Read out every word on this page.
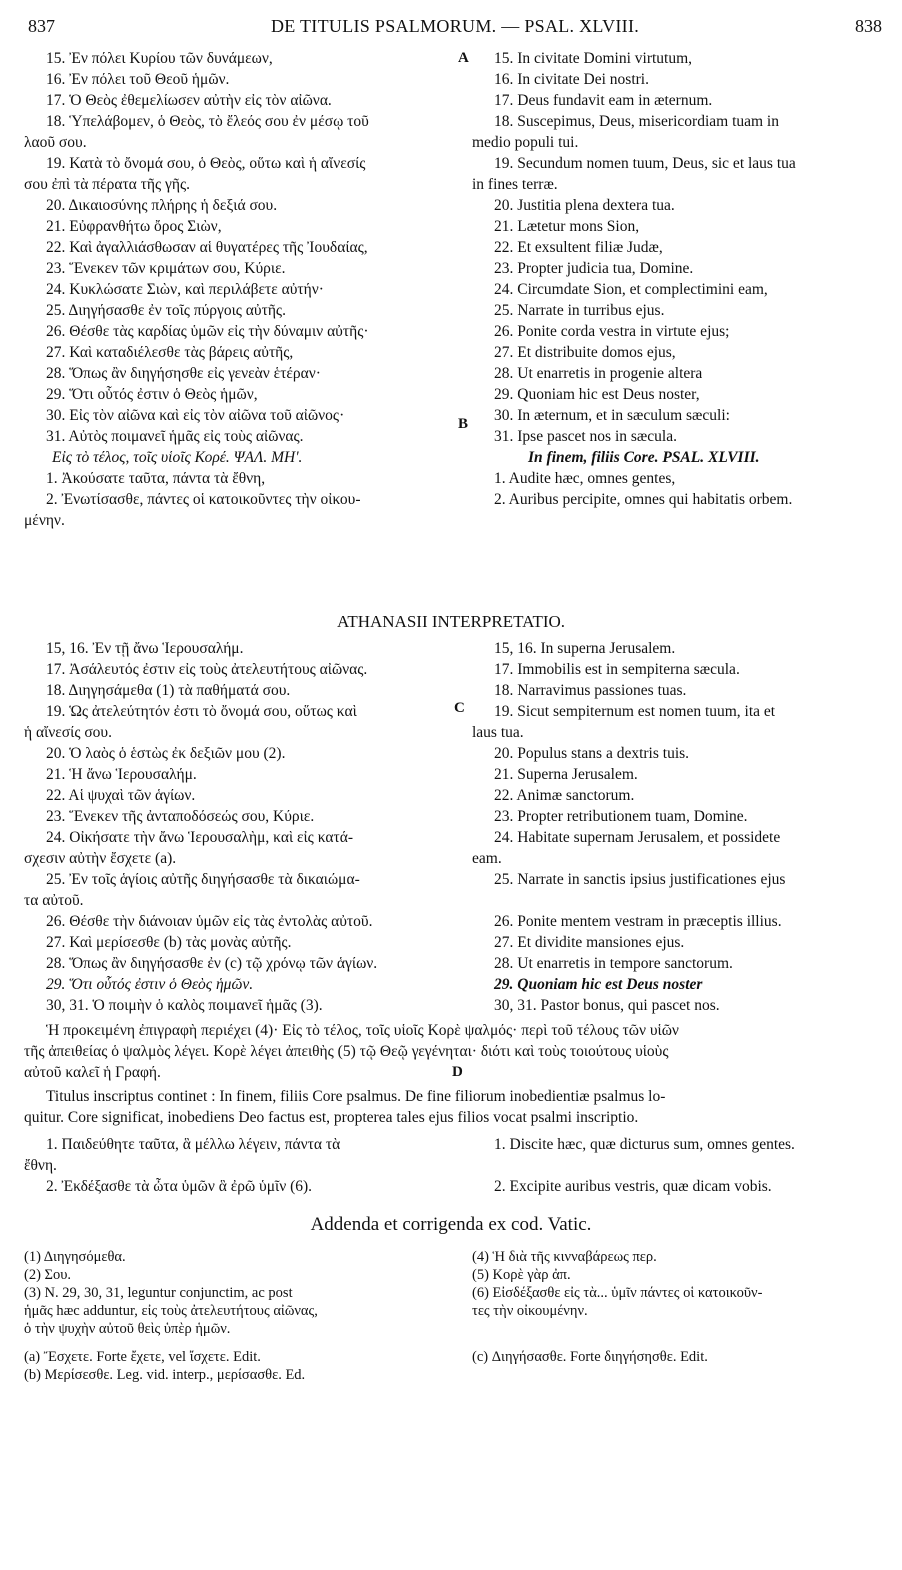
837	DE TITULIS PSALMORUM. — PSAL. XLVIII.	838
A
B
C
D
15. Ἐν πόλει Κυρίου τῶν δυνάμεων,
16. Ἐν πόλει τοῦ Θεοῦ ἡμῶν.
17. Ὁ Θεὸς ἐθεμελίωσεν αὐτὴν εἰς τὸν αἰῶνα.
18. Ὑπελάβομεν, ὁ Θεὸς, τὸ ἔλεός σου ἐν μέσῳ τοῦ
λαοῦ σου.
19. Κατὰ τὸ ὄνομά σου, ὁ Θεὸς, οὕτω καὶ ἡ αἴνεσίς
σου ἐπὶ τὰ πέρατα τῆς γῆς.
20. Δικαιοσύνης πλήρης ἡ δεξιά σου.
21. Εὐφρανθήτω ὄρος Σιὼν,
22. Καὶ ἀγαλλιάσθωσαν αἱ θυγατέρες τῆς Ἰουδαίας,
23. Ἕνεκεν τῶν κριμάτων σου, Κύριε.
24. Κυκλώσατε Σιὼν, καὶ περιλάβετε αὐτήν·
25. Διηγήσασθε ἐν τοῖς πύργοις αὐτῆς.
26. Θέσθε τὰς καρδίας ὑμῶν εἰς τὴν δύναμιν αὐτῆς·
27. Καὶ καταδιέλεσθε τὰς βάρεις αὐτῆς,
28. Ὅπως ἂν διηγήσησθε εἰς γενεὰν ἑτέραν·
29. Ὅτι οὗτός ἐστιν ὁ Θεὸς ἡμῶν,
30. Εἰς τὸν αἰῶνα καὶ εἰς τὸν αἰῶνα τοῦ αἰῶνος·
31. Αὐτὸς ποιμανεῖ ἡμᾶς εἰς τοὺς αἰῶνας.
Εἰς τὸ τέλος, τοῖς υἱοῖς Κορέ. ΨΑΛ. ΜΗ'.
1. Ἀκούσατε ταῦτα, πάντα τὰ ἔθνη,
2. Ἐνωτίσασθε, πάντες οἱ κατοικοῦντες τὴν οἰκου-
μένην.
15. In civitate Domini virtutum,
16. In civitate Dei nostri.
17. Deus fundavit eam in æternum.
18. Suscepimus, Deus, misericordiam tuam in
medio populi tui.
19. Secundum nomen tuum, Deus, sic et laus tua
in fines terræ.
20. Justitia plena dextera tua.
21. Lætetur mons Sion,
22. Et exsultent filiæ Judæ,
23. Propter judicia tua, Domine.
24. Circumdate Sion, et complectimini eam,
25. Narrate in turribus ejus.
26. Ponite corda vestra in virtute ejus;
27. Et distribuite domos ejus,
28. Ut enarretis in progenie altera
29. Quoniam hic est Deus noster,
30. In æternum, et in sæculum sæculi:
31. Ipse pascet nos in sæcula.
In finem, filiis Core. PSAL. XLVIII.
1. Audite hæc, omnes gentes,
2. Auribus percipite, omnes qui habitatis orbem.
ATHANASII INTERPRETATIO.
15, 16. Ἐν τῇ ἄνω Ἱερουσαλήμ.
17. Ἀσάλευτός ἐστιν εἰς τοὺς ἀτελευτήτους αἰῶνας.
18. Διηγησάμεθα (1) τὰ παθήματά σου.
19. Ὡς ἀτελεύτητόν ἐστι τὸ ὄνομά σου, οὕτως καὶ
ἡ αἴνεσίς σου.
20. Ὁ λαὸς ὁ ἑστὼς ἐκ δεξιῶν μου (2).
21. Ἡ ἄνω Ἱερουσαλήμ.
22. Αἱ ψυχαὶ τῶν ἁγίων.
23. Ἕνεκεν τῆς ἀνταποδόσεώς σου, Κύριε.
24. Οἰκήσατε τὴν ἄνω Ἱερουσαλὴμ, καὶ εἰς κατά-
σχεσιν αὐτὴν ἔσχετε (a).
25. Ἐν τοῖς ἁγίοις αὐτῆς διηγήσασθε τὰ δικαιώμα-
τα αὐτοῦ.
26. Θέσθε τὴν διάνοιαν ὑμῶν εἰς τὰς ἐντολὰς αὐτοῦ.
27. Καὶ μερίσεσθε (b) τὰς μονὰς αὐτῆς.
28. Ὅπως ἂν διηγήσασθε ἐν (c) τῷ χρόνῳ τῶν ἁγίων.
29. Ὅτι οὗτός ἐστιν ὁ Θεὸς ἡμῶν.
30, 31. Ὁ ποιμὴν ὁ καλὸς ποιμανεῖ ἡμᾶς (3).
15, 16. In superna Jerusalem.
17. Immobilis est in sempiterna sæcula.
18. Narravimus passiones tuas.
19. Sicut sempiternum est nomen tuum, ita et
laus tua.
20. Populus stans a dextris tuis.
21. Superna Jerusalem.
22. Animæ sanctorum.
23. Propter retributionem tuam, Domine.
24. Habitate supernam Jerusalem, et possidete
eam.
25. Narrate in sanctis ipsius justificationes ejus

26. Ponite mentem vestram in præceptis illius.
27. Et dividite mansiones ejus.
28. Ut enarretis in tempore sanctorum.
29. Quoniam hic est Deus noster
30, 31. Pastor bonus, qui pascet nos.
Ἡ προκειμένη ἐπιγραφὴ περιέχει (4)· Εἰς τὸ τέλος, τοῖς υἱοῖς Κορὲ ψαλμός· περὶ τοῦ τέλους τῶν υἱῶν
τῆς ἀπειθείας ὁ ψαλμὸς λέγει. Κορὲ λέγει ἀπειθὴς (5) τῷ Θεῷ γεγένηται· διότι καὶ τοὺς τοιούτους υἱοὺς
αὐτοῦ καλεῖ ἡ Γραφή.
Titulus inscriptus continet : In finem, filiis Core psalmus. De fine filiorum inobedientiæ psalmus lo-
quitur. Core significat, inobediens Deo factus est, propterea tales ejus filios vocat psalmi inscriptio.
1. Παιδεύθητε ταῦτα, ἃ μέλλω λέγειν, πάντα τὰ
ἔθνη.
2. Ἐκδέξασθε τὰ ὦτα ὑμῶν ἃ ἐρῶ ὑμῖν (6).
1. Discite hæc, quæ dicturus sum, omnes gentes.

2. Excipite auribus vestris, quæ dicam vobis.
Addenda et corrigenda ex cod. Vatic.
(1) Διηγησόμεθα.
(2) Σου.
(3) N. 29, 30, 31, leguntur conjunctim, ac post
ἡμᾶς hæc adduntur, εἰς τοὺς ἀτελευτήτους αἰῶνας,
ὁ τὴν ψυχὴν αὐτοῦ θεὶς ὑπὲρ ἡμῶν.
(4) Ἡ διὰ τῆς κινναβάρεως περ.
(5) Κορὲ γὰρ ἀπ.
(6) Εἰσδέξασθε εἰς τὰ... ὑμῖν πάντες οἱ κατοικοῦν-
τες τὴν οἰκουμένην.
(a) Ἔσχετε. Forte ἔχετε, vel ἴσχετε. Edit.
(b) Μερίσεσθε. Leg. vid. interp., μερίσασθε. Ed.
(c) Διηγήσασθε. Forte διηγήσησθε. Edit.
